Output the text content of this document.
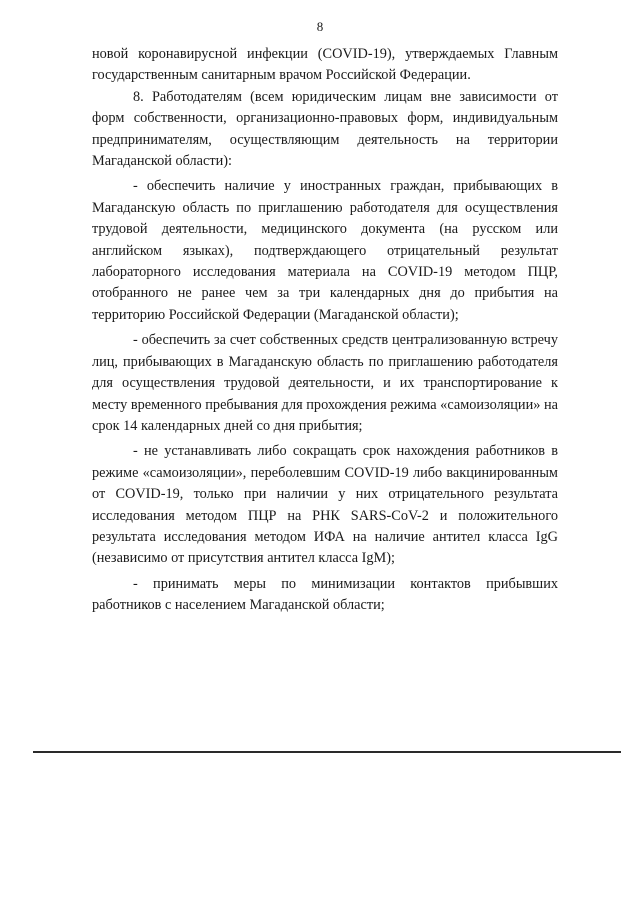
8

новой коронавирусной инфекции (COVID-19), утверждаемых Главным государственным санитарным врачом Российской Федерации.

8. Работодателям (всем юридическим лицам вне зависимости от форм собственности, организационно-правовых форм, индивидуальным предпринимателям, осуществляющим деятельность на территории Магаданской области):

- обеспечить наличие у иностранных граждан, прибывающих в Магаданскую область по приглашению работодателя для осуществления трудовой деятельности, медицинского документа (на русском или английском языках), подтверждающего отрицательный результат лабораторного исследования материала на COVID-19 методом ПЦР, отобранного не ранее чем за три календарных дня до прибытия на территорию Российской Федерации (Магаданской области);

- обеспечить за счет собственных средств централизованную встречу лиц, прибывающих в Магаданскую область по приглашению работодателя для осуществления трудовой деятельности, и их транспортирование к месту временного пребывания для прохождения режима «самоизоляции» на срок 14 календарных дней со дня прибытия;

- не устанавливать либо сокращать срок нахождения работников в режиме «самоизоляции», переболевшим COVID-19 либо вакцинированным от COVID-19, только при наличии у них отрицательного результата исследования методом ПЦР на РНК SARS-CoV-2 и положительного результата исследования методом ИФА на наличие антител класса IgG (независимо от присутствия антител класса IgM);

- принимать меры по минимизации контактов прибывших работников с населением Магаданской области;
